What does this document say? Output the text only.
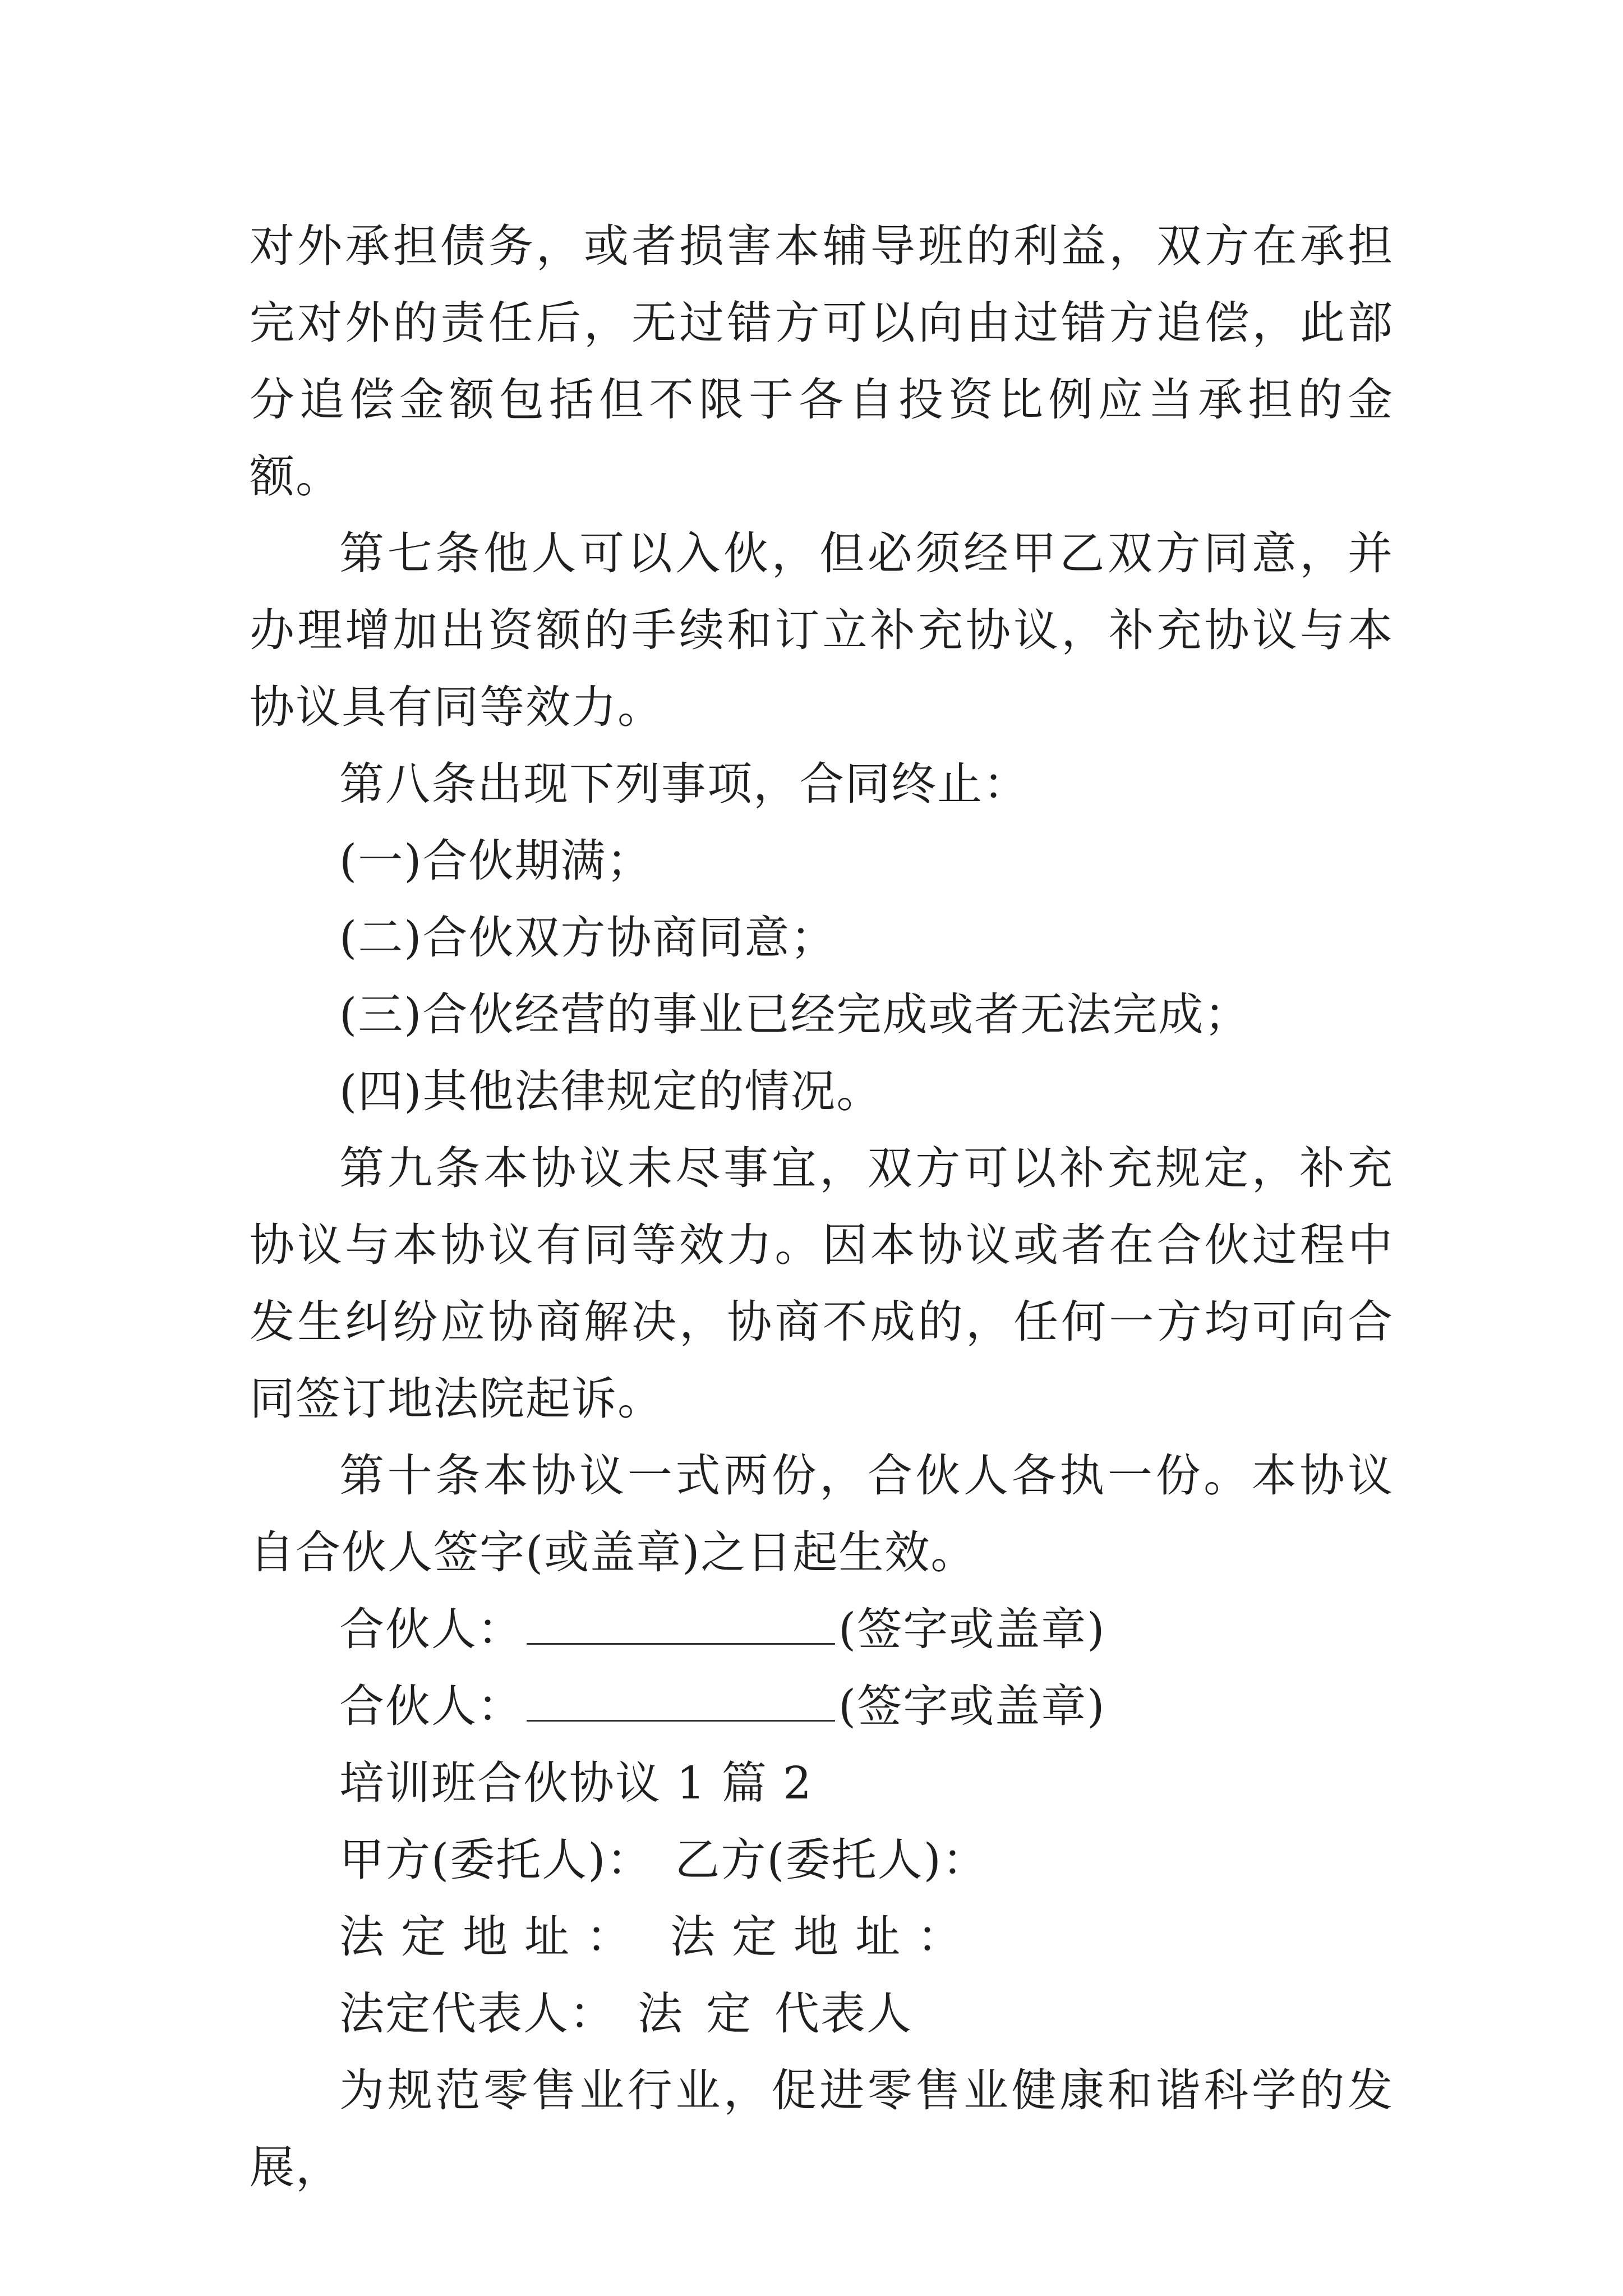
对外承担债务，或者损害本辅导班的利益，双方在承担完对外的责任后，无过错方可以向由过错方追偿，此部分追偿金额包括但不限于各自投资比例应当承担的金额。

第七条他人可以入伙，但必须经甲乙双方同意，并办理增加出资额的手续和订立补充协议，补充协议与本协议具有同等效力。

第八条出现下列事项，合同终止：

(一)合伙期满；

(二)合伙双方协商同意；

(三)合伙经营的事业已经完成或者无法完成；

(四)其他法律规定的情况。

第九条本协议未尽事宜，双方可以补充规定，补充协议与本协议有同等效力。因本协议或者在合伙过程中发生纠纷应协商解决，协商不成的，任何一方均可向合同签订地法院起诉。

第十条本协议一式两份，合伙人各执一份。本协议自合伙人签字(或盖章)之日起生效。

合伙人：	(签字或盖章)

合伙人：	(签字或盖章)

培训班合伙协议 1 篇 2

甲方(委托人)： 乙方(委托人)：

法定地址： 法定地址：

法定代表人： 法 定 代表人

为规范零售业行业，促进零售业健康和谐科学的发展，
